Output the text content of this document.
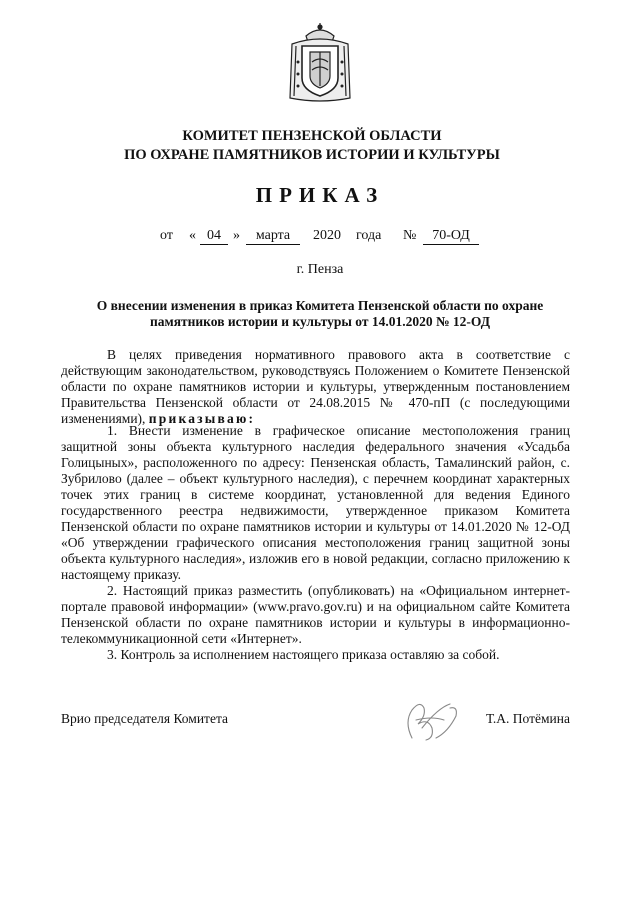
КОМИТЕТ ПЕНЗЕНСКОЙ ОБЛАСТИ
ПО ОХРАНЕ ПАМЯТНИКОВ ИСТОРИИ И КУЛЬТУРЫ
ПРИКАЗ
от « 04 »	марта	2020 года №	70-ОД
г. Пенза
О внесении изменения в приказ Комитета Пензенской области по охране памятников истории и культуры от 14.01.2020 № 12-ОД

В целях приведения нормативного правового акта в соответствие с действующим законодательством, руководствуясь Положением о Комитете Пензенской области по охране памятников истории и культуры, утвержденным постановлением Правительства Пензенской области от 24.08.2015 № 470-пП (с последующими изменениями), приказываю:

1. Внести изменение в графическое описание местоположения границ защитной зоны объекта культурного наследия федерального значения «Усадьба Голицыных», расположенного по адресу: Пензенская область, Тамалинский район, с. Зубрилово (далее – объект культурного наследия), с перечнем координат характерных точек этих границ в системе координат, установленной для ведения Единого государственного реестра недвижимости, утвержденное приказом Комитета Пензенской области по охране памятников истории и культуры от 14.01.2020 № 12-ОД «Об утверждении графического описания местоположения границ защитной зоны объекта культурного наследия», изложив его в новой редакции, согласно приложению к настоящему приказу.

2. Настоящий приказ разместить (опубликовать) на «Официальном интернет-портале правовой информации» (www.pravo.gov.ru) и на официальном сайте Комитета Пензенской области по охране памятников истории и культуры в информационно-телекоммуникационной сети «Интернет».

3. Контроль за исполнением настоящего приказа оставляю за собой.

Врио председателя Комитета	Т.А. Потёмина
